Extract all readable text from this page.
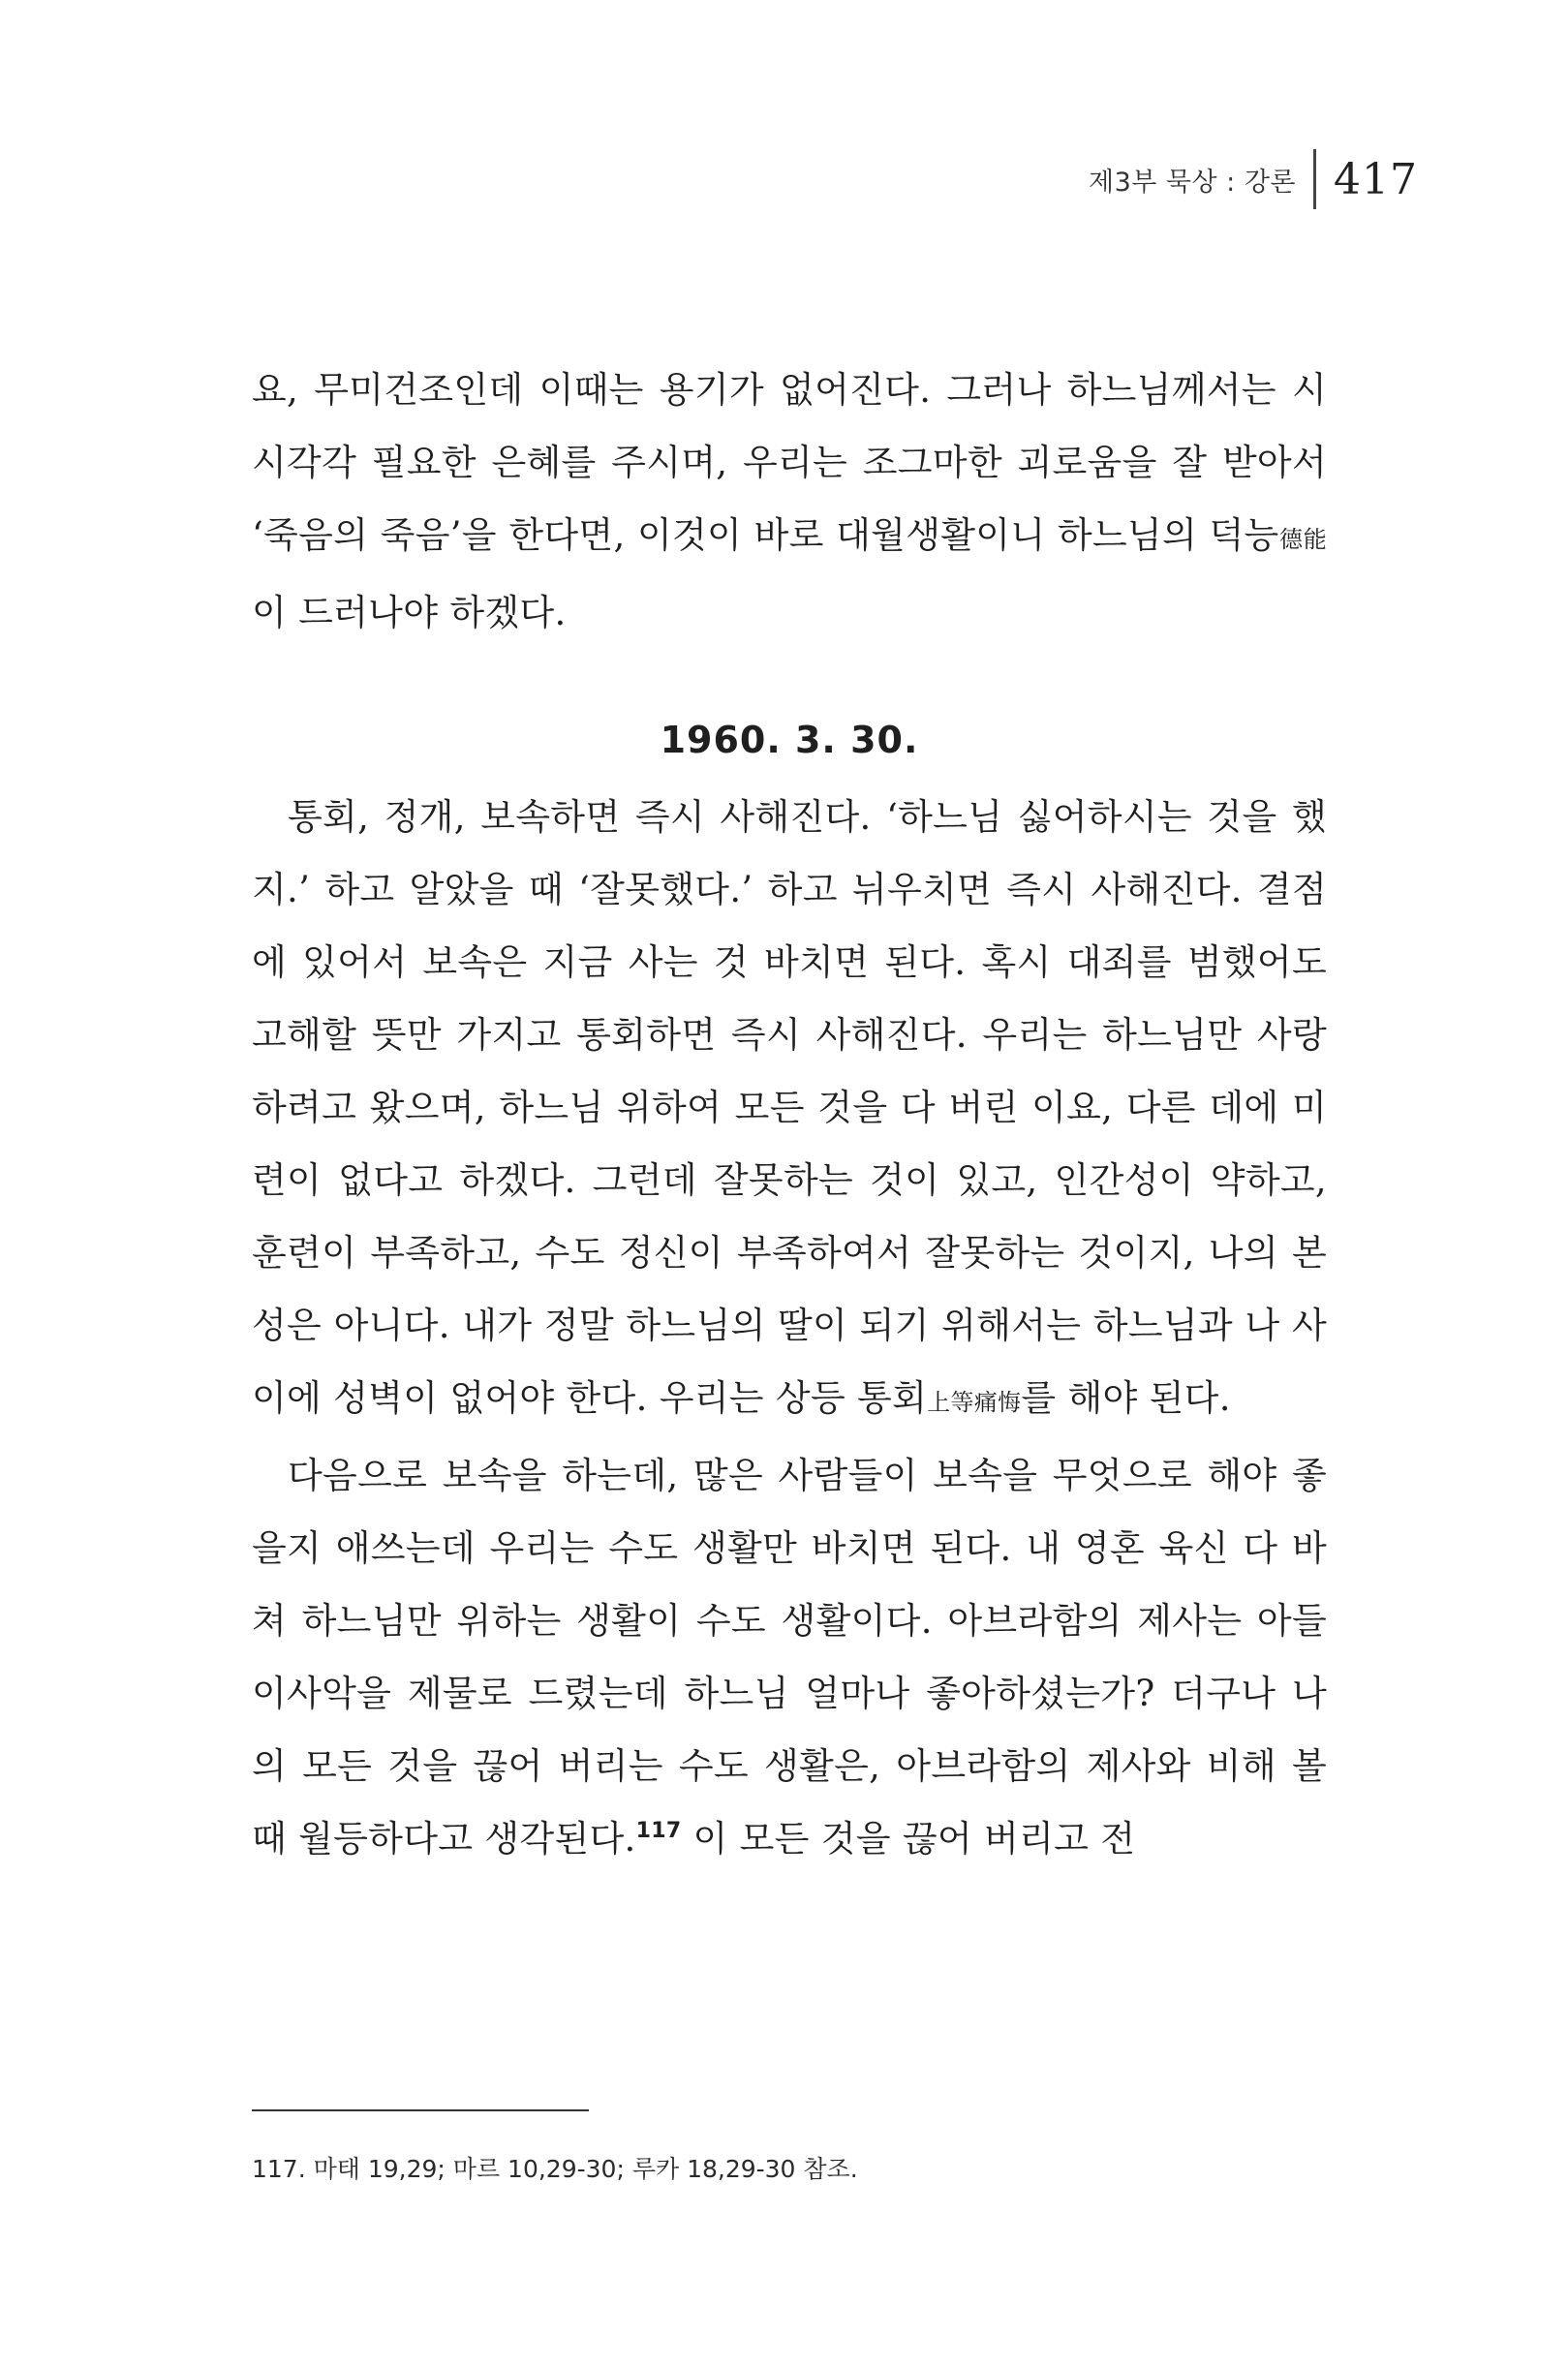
제3부 묵상 : 강론 417

요, 무미건조인데 이때는 용기가 없어진다. 그러나 하느님께서는 시시각각 필요한 은혜를 주시며, 우리는 조그마한 괴로움을 잘 받아서 ‘죽음의 죽음’을 한다면, 이것이 바로 대월생활이니 하느님의 덕능德能이 드러나야 하겠다.

1960. 3. 30.

통회, 정개, 보속하면 즉시 사해진다. ‘하느님 싫어하시는 것을 했지.’ 하고 알았을 때 ‘잘못했다.’ 하고 뉘우치면 즉시 사해진다. 결점에 있어서 보속은 지금 사는 것 바치면 된다. 혹시 대죄를 범했어도 고해할 뜻만 가지고 통회하면 즉시 사해진다. 우리는 하느님만 사랑하려고 왔으며, 하느님 위하여 모든 것을 다 버린 이요, 다른 데에 미련이 없다고 하겠다. 그런데 잘못하는 것이 있고, 인간성이 약하고, 훈련이 부족하고, 수도 정신이 부족하여서 잘못하는 것이지, 나의 본성은 아니다. 내가 정말 하느님의 딸이 되기 위해서는 하느님과 나 사이에 성벽이 없어야 한다. 우리는 상등 통회上等痛悔를 해야 된다.

다음으로 보속을 하는데, 많은 사람들이 보속을 무엇으로 해야 좋을지 애쓰는데 우리는 수도 생활만 바치면 된다. 내 영혼 육신 다 바쳐 하느님만 위하는 생활이 수도 생활이다. 아브라함의 제사는 아들 이사악을 제물로 드렸는데 하느님 얼마나 좋아하셨는가? 더구나 나의 모든 것을 끊어 버리는 수도 생활은, 아브라함의 제사와 비해 볼 때 월등하다고 생각된다.$^{117}$ 이 모든 것을 끊어 버리고 전

117. 마태 19,29; 마르 10,29-30; 루카 18,29-30 참조.
